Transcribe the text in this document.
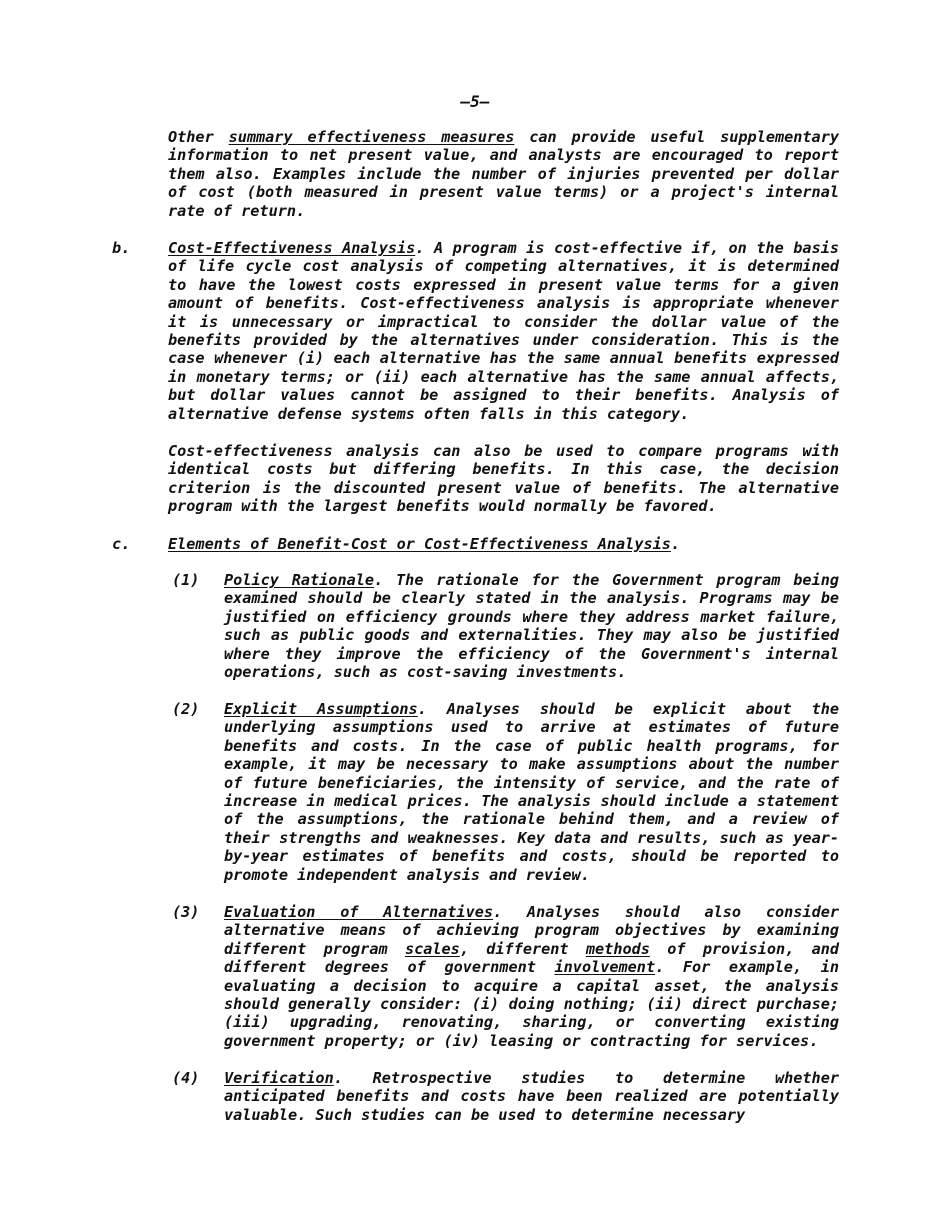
–5–
Other summary effectiveness measures can provide useful supplementary information to net present value, and analysts are encouraged to report them also. Examples include the number of injuries prevented per dollar of cost (both measured in present value terms) or a project's internal rate of return.
b. Cost-Effectiveness Analysis. A program is cost-effective if, on the basis of life cycle cost analysis of competing alternatives, it is determined to have the lowest costs expressed in present value terms for a given amount of benefits. Cost-effectiveness analysis is appropriate whenever it is unnecessary or impractical to consider the dollar value of the benefits provided by the alternatives under consideration. This is the case whenever (i) each alternative has the same annual benefits expressed in monetary terms; or (ii) each alternative has the same annual affects, but dollar values cannot be assigned to their benefits. Analysis of alternative defense systems often falls in this category.
Cost-effectiveness analysis can also be used to compare programs with identical costs but differing benefits. In this case, the decision criterion is the discounted present value of benefits. The alternative program with the largest benefits would normally be favored.
c. Elements of Benefit-Cost or Cost-Effectiveness Analysis.
(1) Policy Rationale. The rationale for the Government program being examined should be clearly stated in the analysis. Programs may be justified on efficiency grounds where they address market failure, such as public goods and externalities. They may also be justified where they improve the efficiency of the Government's internal operations, such as cost-saving investments.
(2) Explicit Assumptions. Analyses should be explicit about the underlying assumptions used to arrive at estimates of future benefits and costs. In the case of public health programs, for example, it may be necessary to make assumptions about the number of future beneficiaries, the intensity of service, and the rate of increase in medical prices. The analysis should include a statement of the assumptions, the rationale behind them, and a review of their strengths and weaknesses. Key data and results, such as year-by-year estimates of benefits and costs, should be reported to promote independent analysis and review.
(3) Evaluation of Alternatives. Analyses should also consider alternative means of achieving program objectives by examining different program scales, different methods of provision, and different degrees of government involvement. For example, in evaluating a decision to acquire a capital asset, the analysis should generally consider: (i) doing nothing; (ii) direct purchase; (iii) upgrading, renovating, sharing, or converting existing government property; or (iv) leasing or contracting for services.
(4) Verification. Retrospective studies to determine whether anticipated benefits and costs have been realized are potentially valuable. Such studies can be used to determine necessary
